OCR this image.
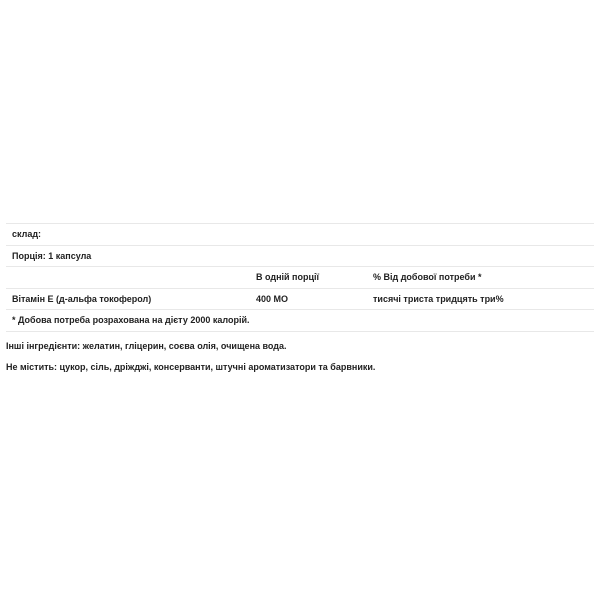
склад:		
Порція: 1 капсула		
	В одній порції	% Від добової потреби *
Вітамін Е (д-альфа токоферол)	400 МО	тисячі триста тридцять три%
* Добова потреба розрахована на дієту 2000 калорій.		

Інші інгредієнти: желатин, гліцерин, соєва олія, очищена вода.

Не містить: цукор, сіль, дріжджі, консерванти, штучні ароматизатори та барвники.
